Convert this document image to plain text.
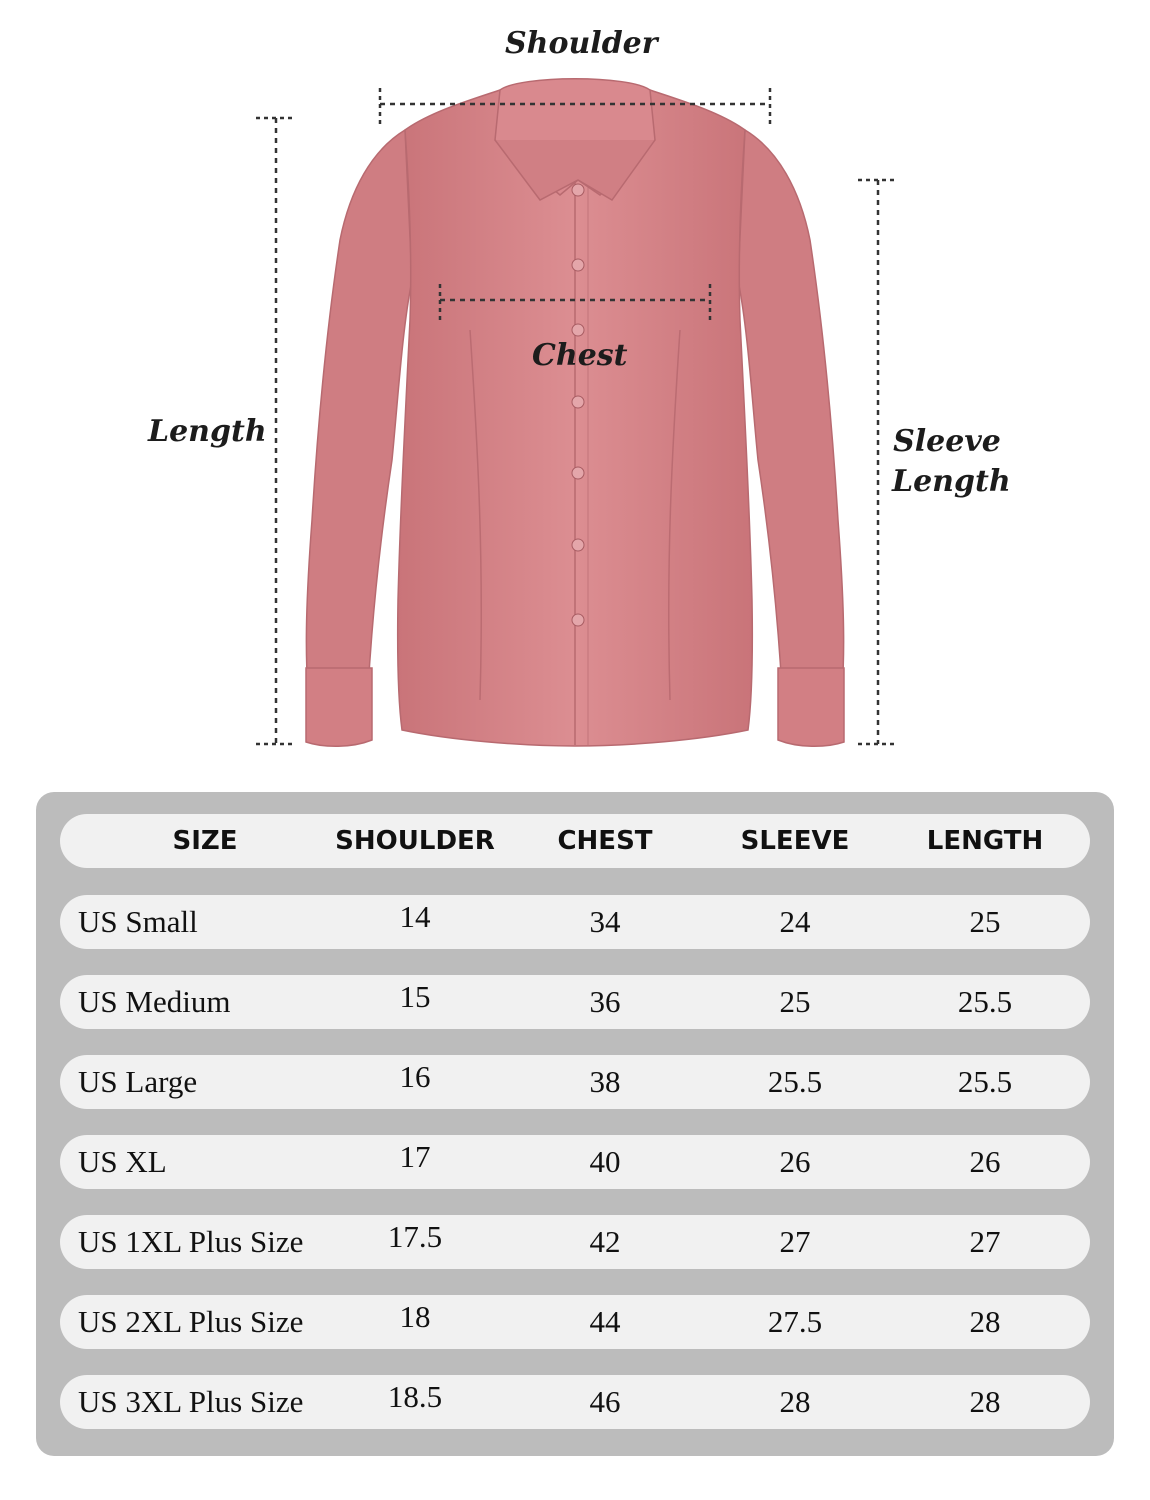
Shoulder
Chest
Length	Sleeve
Length
SIZE	SHOULDER	CHEST	SLEEVE	LENGTH
US Small	14	34	24	25
US Medium	15	36	25	25.5
US Large	16	38	25.5	25.5
US XL	17	40	26	26
US 1XL Plus Size	17.5	42	27	27
US 2XL Plus Size	18	44	27.5	28
US 3XL Plus Size	18.5	46	28	28
